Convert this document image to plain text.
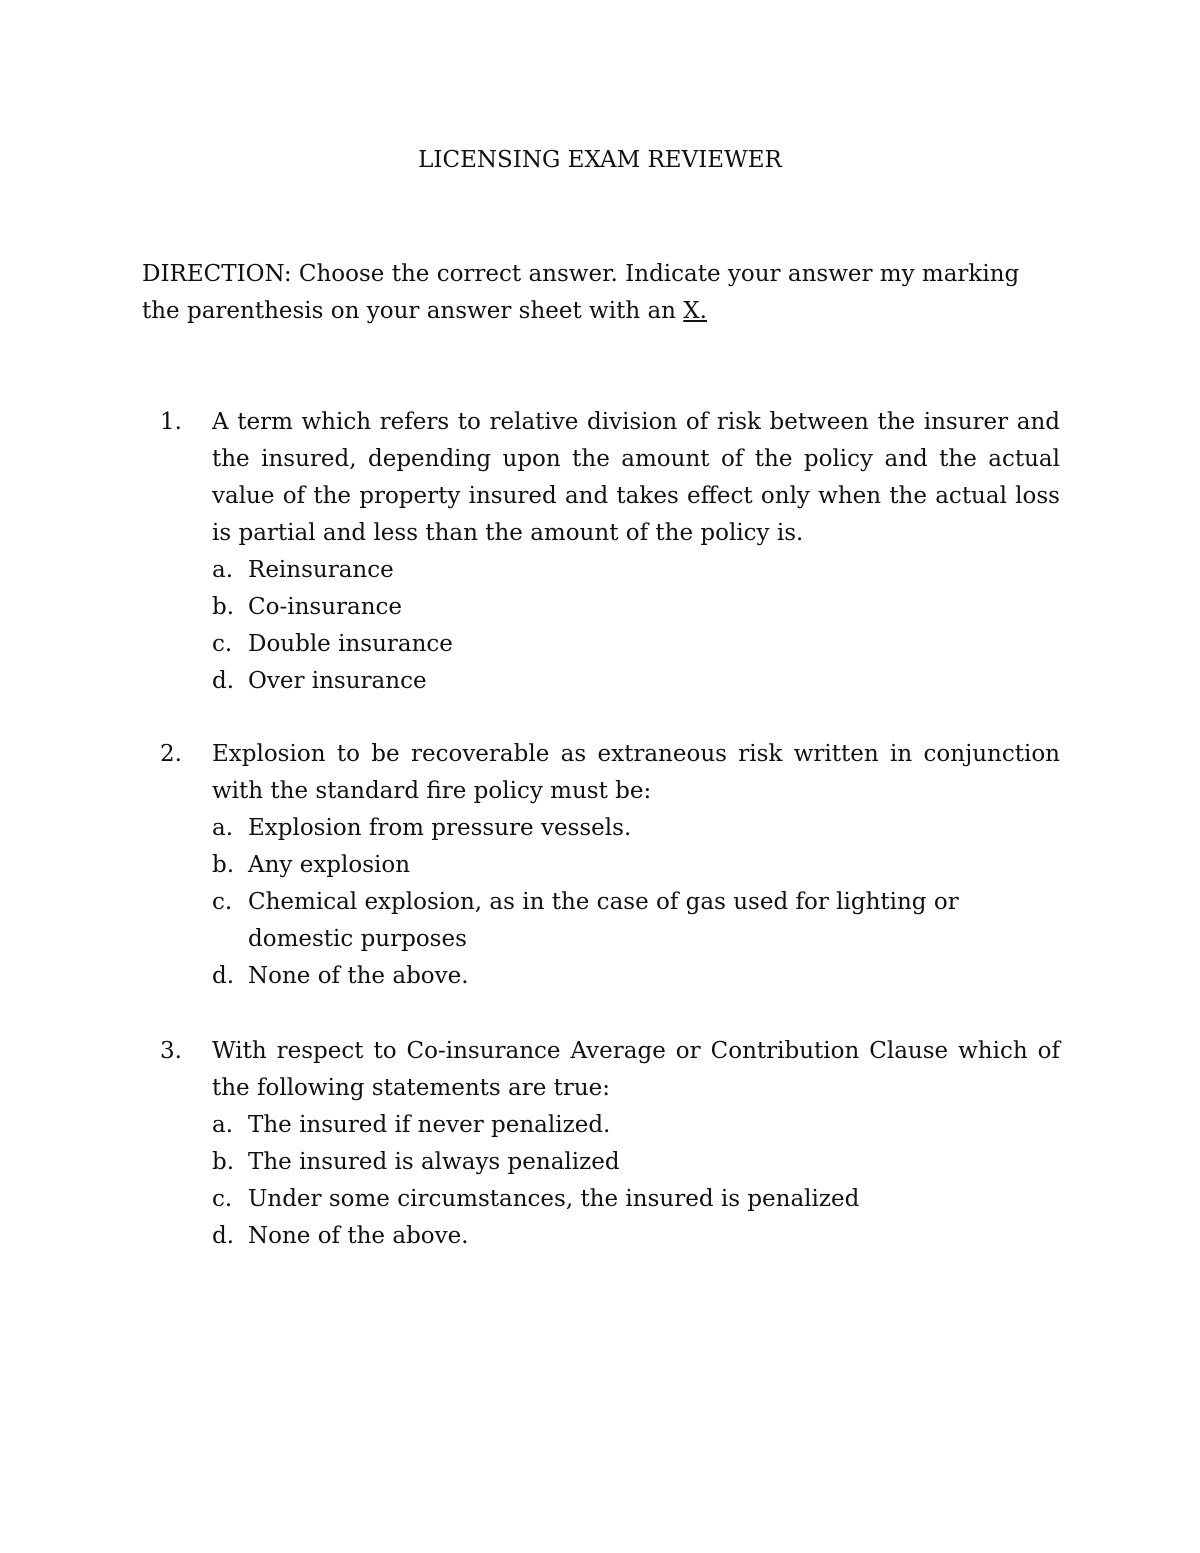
LICENSING EXAM REVIEWER
DIRECTION: Choose the correct answer. Indicate your answer my marking the parenthesis on your answer sheet with an X.
1.	A term which refers to relative division of risk between the insurer and the insured, depending upon the amount of the policy and the actual value of the property insured and takes effect only when the actual loss is partial and less than the amount of the policy is.
a. Reinsurance
b. Co-insurance
c. Double insurance
d. Over insurance
2.	Explosion to be recoverable as extraneous risk written in conjunction with the standard fire policy must be:
a. Explosion from pressure vessels.
b. Any explosion
c. Chemical explosion, as in the case of gas used for lighting or domestic purposes
d. None of the above.
3.	With respect to Co-insurance Average or Contribution Clause which of the following statements are true:
a. The insured if never penalized.
b. The insured is always penalized
c. Under some circumstances, the insured is penalized
d. None of the above.
